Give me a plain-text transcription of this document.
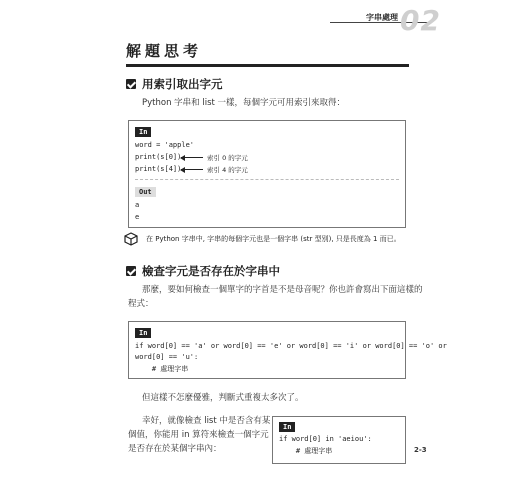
字串處理 02
解題思考
用索引取出字元
Python 字串和 list 一樣，每個字元可用索引來取得：
In
word = 'apple'
print(s[0])
print(s[4])
索引 0 的字元
索引 4 的字元
Out
a
e
在 Python 字串中, 字串的每個字元也是一個字串 (str 型別), 只是長度為 1 而已。
檢查字元是否存在於字串中
那麼，要如何檢查一個單字的字首是不是母音呢？你也許會寫出下面這樣的
程式：
In
if word[0] == 'a' or word[0] == 'e' or word[0] == 'i' or word[0] == 'o' or
word[0] == 'u':
# 處理字串
但這樣不怎麼優雅，判斷式重複太多次了。
幸好，就像檢查 list 中是否含有某
個值，你能用 in 算符來檢查一個字元
是否存在於某個字串內：
In
if word[0] in 'aeiou':
# 處理字串	2-3
